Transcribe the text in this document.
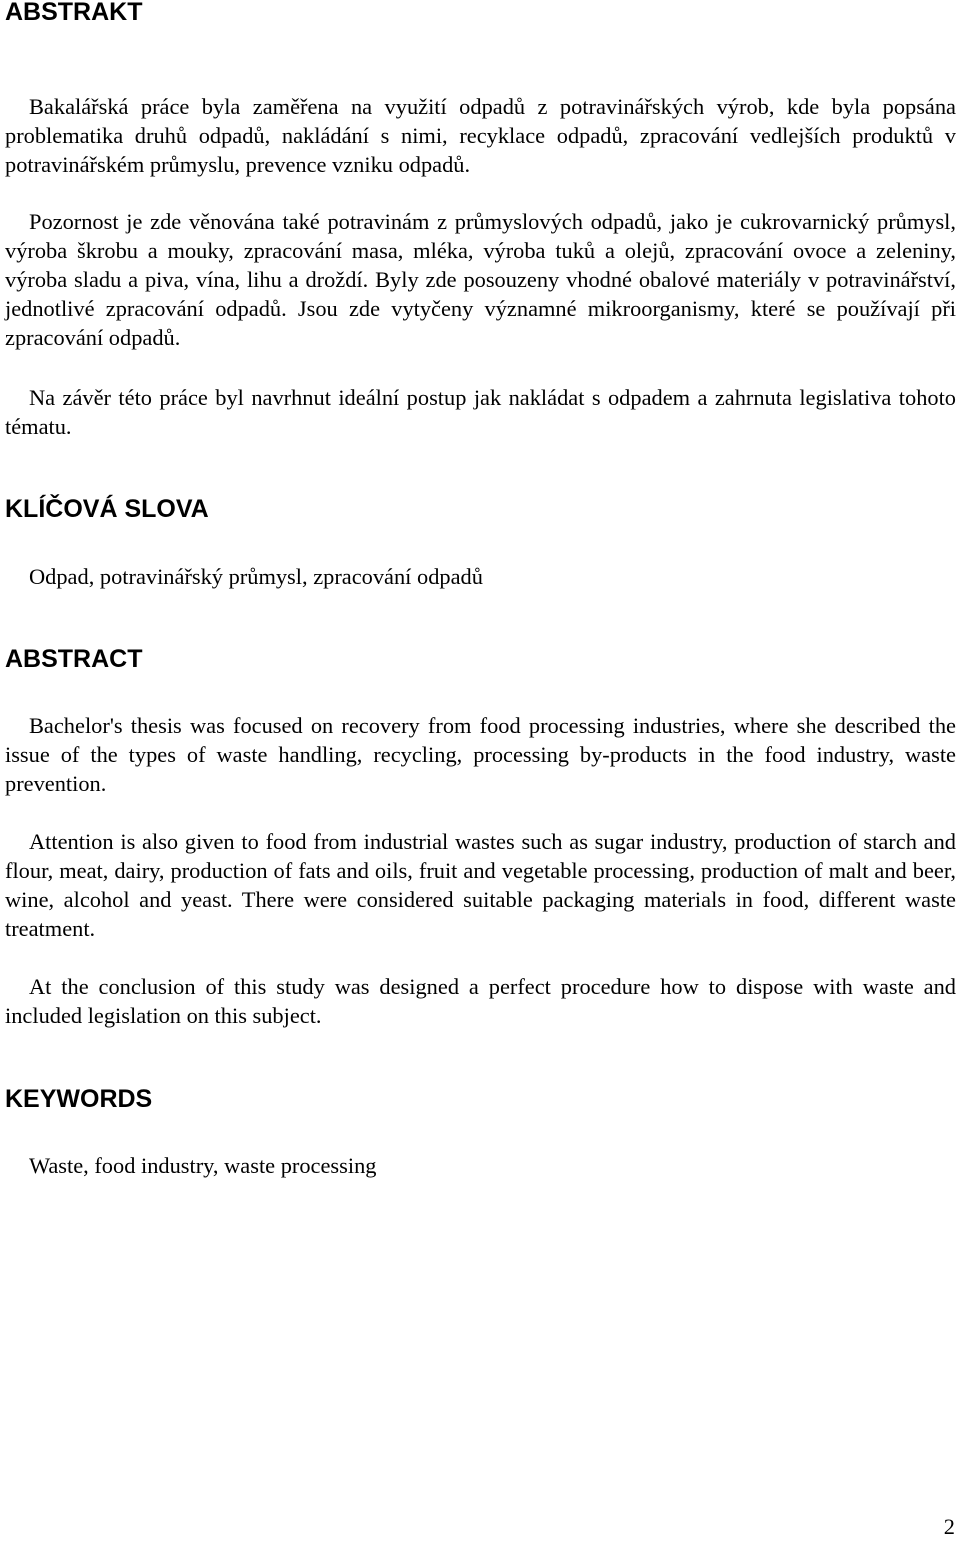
ABSTRAKT

Bakalářská práce byla zaměřena na využití odpadů z potravinářských výrob, kde byla popsána problematika druhů odpadů, nakládání s nimi, recyklace odpadů, zpracování vedlejších produktů v potravinářském průmyslu, prevence vzniku odpadů.

Pozornost je zde věnována také potravinám z průmyslových odpadů, jako je cukrovarnický průmysl, výroba škrobu a mouky, zpracování masa, mléka, výroba tuků a olejů, zpracování ovoce a zeleniny, výroba sladu a piva, vína, lihu a droždí. Byly zde posouzeny vhodné obalové materiály v potravinářství, jednotlivé zpracování odpadů. Jsou zde vytyčeny významné mikroorganismy, které se používají při zpracování odpadů.

Na závěr této práce byl navrhnut ideální postup jak nakládat s odpadem a zahrnuta legislativa tohoto tématu.

KLÍČOVÁ SLOVA

Odpad, potravinářský průmysl, zpracování odpadů

ABSTRACT

Bachelor's thesis was focused on recovery from food processing industries, where she described the issue of the types of waste handling, recycling, processing by-products in the food industry, waste prevention.

Attention is also given to food from industrial wastes such as sugar industry, production of starch and flour, meat, dairy, production of fats and oils, fruit and vegetable processing, production of malt and beer, wine, alcohol and yeast. There were considered suitable packaging materials in food, different waste treatment.

At the conclusion of this study was designed a perfect procedure how to dispose with waste and included legislation on this subject.

KEYWORDS

Waste, food industry, waste processing

2
